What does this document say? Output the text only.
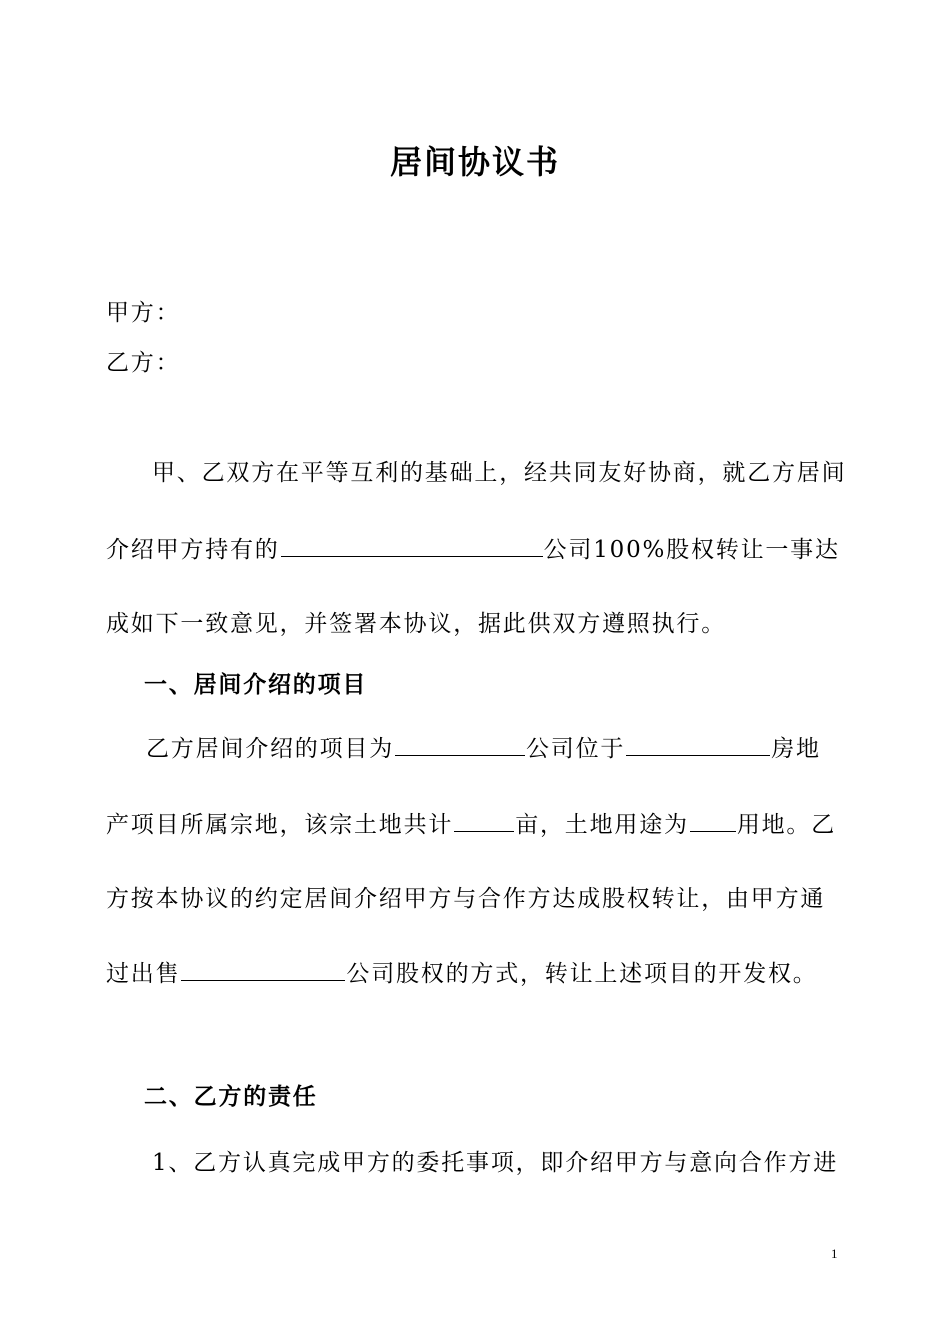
居间协议书
甲方：
乙方：
甲、乙双方在平等互利的基础上，经共同友好协商，就乙方居间
介绍甲方持有的	公司100%股权转让一事达
成如下一致意见，并签署本协议，据此供双方遵照执行。
一、居间介绍的项目
乙方居间介绍的项目为	公司位于	房地
产项目所属宗地，该宗土地共计	亩，土地用途为 用地。乙
方按本协议的约定居间介绍甲方与合作方达成股权转让，由甲方通
过出售	公司股权的方式，转让上述项目的开发权。
二、乙方的责任
1、乙方认真完成甲方的委托事项，即介绍甲方与意向合作方进
1
